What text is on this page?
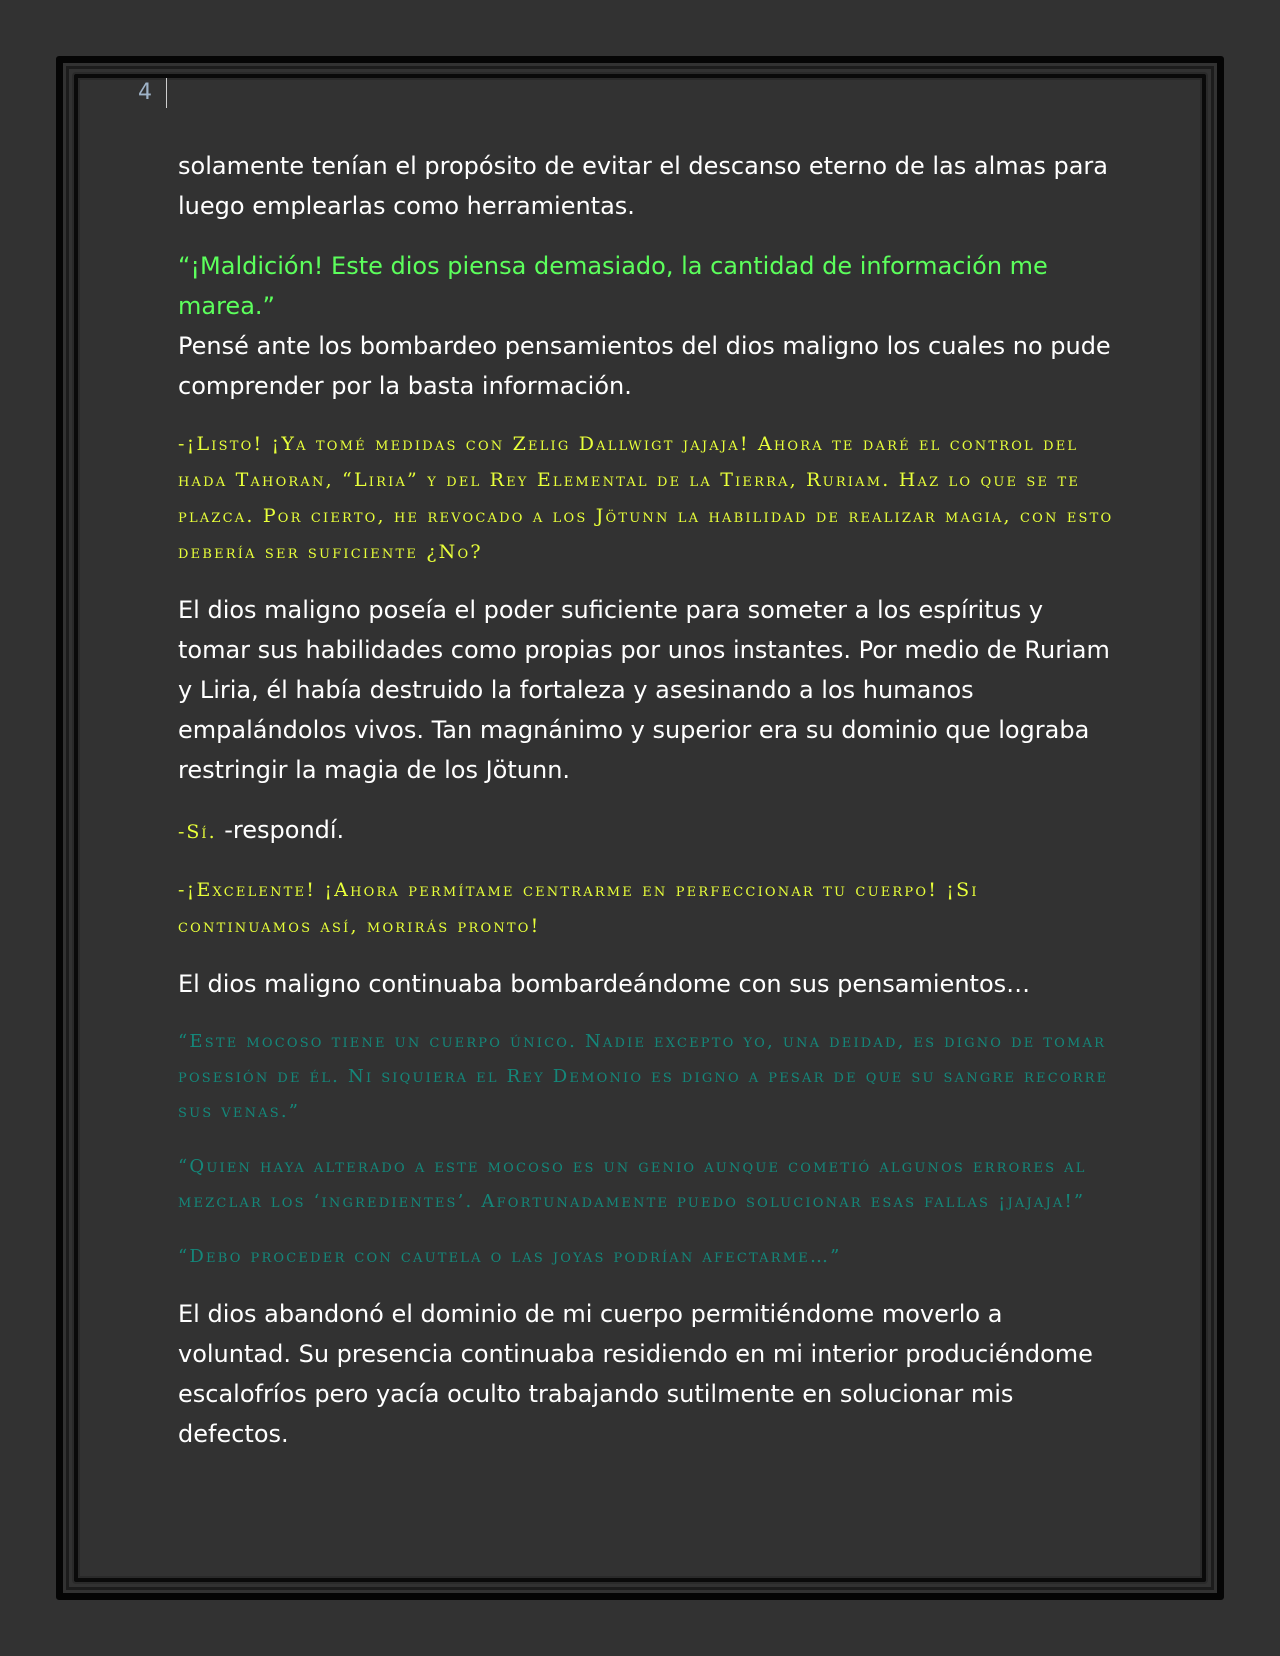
4

solamente tenían el propósito de evitar el descanso eterno de las almas para luego emplearlas como herramientas.

“¡Maldición! Este dios piensa demasiado, la cantidad de información me marea.”
Pensé ante los bombardeo pensamientos del dios maligno los cuales no pude comprender por la basta información.

-¡Listo! ¡Ya tomé medidas con Zelig Dallwigt jajaja! Ahora te daré el control del hada Tahoran, “Liria” y del Rey Elemental de la Tierra, Ruriam. Haz lo que se te plazca. Por cierto, he revocado a los Jötunn la habilidad de realizar magia, con esto debería ser suficiente ¿No?

El dios maligno poseía el poder suficiente para someter a los espíritus y tomar sus habilidades como propias por unos instantes. Por medio de Ruriam y Liria, él había destruido la fortaleza y asesinando a los humanos empalándolos vivos. Tan magnánimo y superior era su dominio que lograba restringir la magia de los Jötunn.

-Sí. -respondí.

-¡Excelente! ¡Ahora permítame centrarme en perfeccionar tu cuerpo! ¡Si continuamos así, morirás pronto!

El dios maligno continuaba bombardeándome con sus pensamientos…

“Este mocoso tiene un cuerpo único. Nadie excepto yo, una deidad, es digno de tomar posesión de él. Ni siquiera el Rey Demonio es digno a pesar de que su sangre recorre sus venas.”

“Quien haya alterado a este mocoso es un genio aunque cometió algunos errores al mezclar los ‘ingredientes’. Afortunadamente puedo solucionar esas fallas ¡jajaja!”

“Debo proceder con cautela o las joyas podrían afectarme…”

El dios abandonó el dominio de mi cuerpo permitiéndome moverlo a voluntad. Su presencia continuaba residiendo en mi interior produciéndome escalofríos pero yacía oculto trabajando sutilmente en solucionar mis defectos.
